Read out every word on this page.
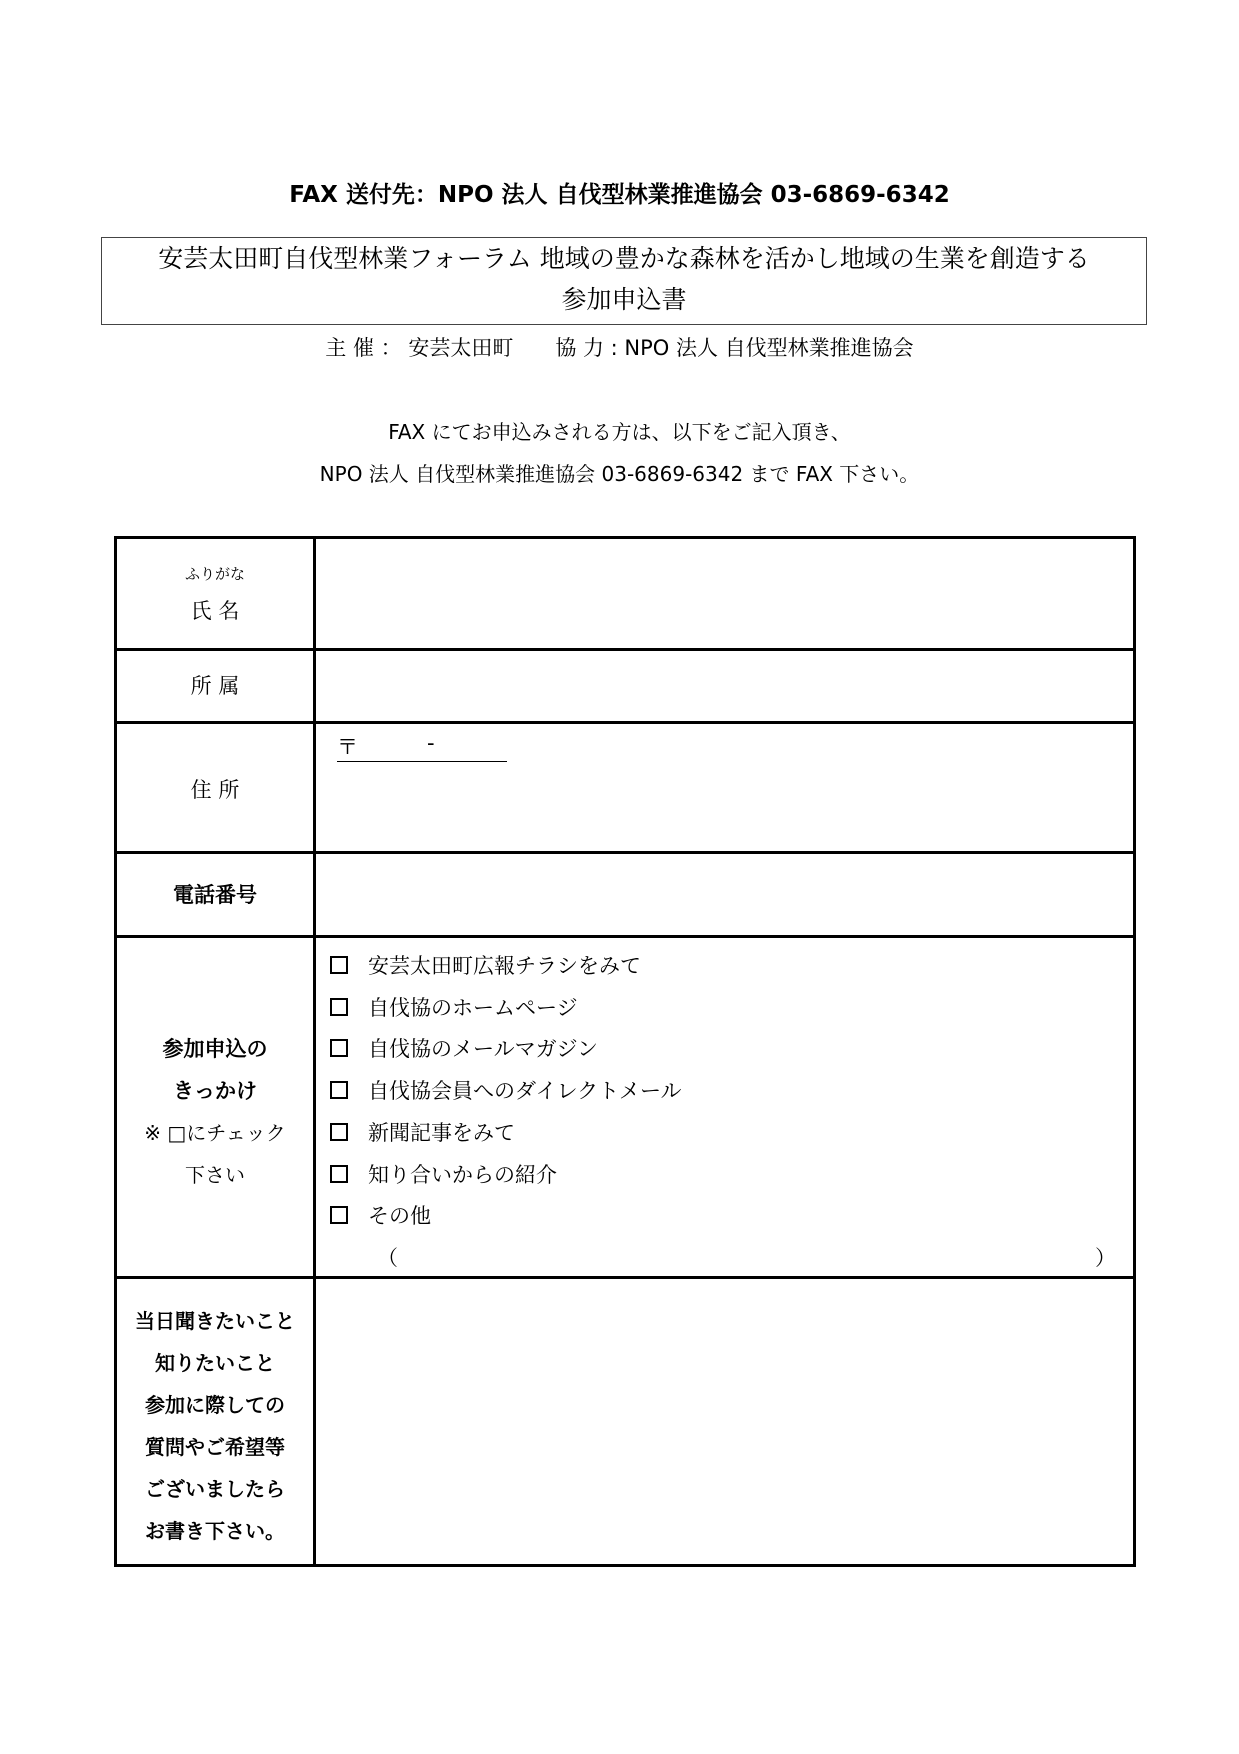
FAX 送付先：NPO 法人 自伐型林業推進協会 03-6869-6342
安芸太田町自伐型林業フォーラム 地域の豊かな森林を活かし地域の生業を創造する
参加申込書
主 催 ： 安芸太田町　　協 力 : NPO 法人 自伐型林業推進協会
FAX にてお申込みされる方は、以下をご記入頂き、
NPO 法人 自伐型林業推進協会 03-6869-6342 まで FAX 下さい。
ふりがな
氏 名
所 属
住 所
〒	-
電話番号
参加申込の
きっかけ
※ □にチェック
下さい
安芸太田町広報チラシをみて
自伐協のホームページ
自伐協のメールマガジン
自伐協会員へのダイレクトメール
新聞記事をみて
知り合いからの紹介
その他
（	）
当日聞きたいこと
知りたいこと
参加に際しての
質問やご希望等
ございましたら
お書き下さい。
